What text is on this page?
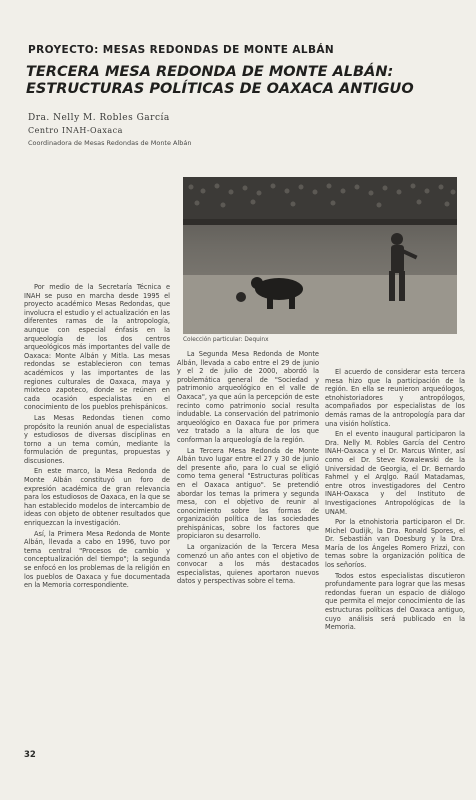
PROYECTO: MESAS REDONDAS DE MONTE ALBÁN
TERCERA MESA REDONDA DE MONTE ALBÁN: ESTRUCTURAS POLÍTICAS DE OAXACA ANTIGUO
Dra. Nelly M. Robles García
Centro INAH-Oaxaca
Coordinadora de Mesas Redondas de Monte Albán
Colección particular: Dequinx

Por medio de la Secretaría Técnica e INAH se puso en marcha desde 1995 el proyecto académico Mesas Redondas, que involucra el estudio y el actualización en las diferentes ramas de la antropología, aunque con especial énfasis en la arqueología de los dos centros arqueológicos más importantes del valle de Oaxaca: Monte Albán y Mitla. Las mesas redondas se establecieron con temas académicos y las importantes de las regiones culturales de Oaxaca, maya y mixteco zapoteco, donde se reúnen en cada ocasión especialistas en el conocimiento de los pueblos prehispánicos.

Las Mesas Redondas tienen como propósito la reunión anual de especialistas y estudiosos de diversas disciplinas en torno a un tema común, mediante la formulación de preguntas, propuestas y discusiones.

En este marco, la Mesa Redonda de Monte Albán constituyó un foro de expresión académica de gran relevancia para los estudiosos de Oaxaca, en la que se han establecido modelos de intercambio de ideas con objeto de obtener resultados que enriquezcan la investigación.

Así, la Primera Mesa Redonda de Monte Albán, llevada a cabo en 1996, tuvo por tema central "Procesos de cambio y conceptualización del tiempo"; la segunda se enfocó en los problemas de la religión en los pueblos de Oaxaca y fue documentada en la Memoria correspondiente.

La Segunda Mesa Redonda de Monte Albán, llevada a cabo entre el 29 de junio y el 2 de julio de 2000, abordó la problemática general de "Sociedad y patrimonio arqueológico en el valle de Oaxaca", ya que aún la percepción de este recinto como patrimonio social resulta indudable. La conservación del patrimonio arqueológico en Oaxaca fue por primera vez tratado a la altura de los que conforman la arqueología de la región.

La Tercera Mesa Redonda de Monte Albán tuvo lugar entre el 27 y 30 de junio del presente año, para lo cual se eligió como tema general "Estructuras políticas en el Oaxaca antiguo". Se pretendió abordar los temas la primera y segunda mesa, con el objetivo de reunir al conocimiento sobre las formas de organización política de las sociedades prehispánicas, sobre los factores que propiciaron su desarrollo.

La organización de la Tercera Mesa comenzó un año antes con el objetivo de convocar a los más destacados especialistas, quienes aportaron nuevos datos y perspectivas sobre el tema.

El acuerdo de considerar esta tercera mesa hizo que la participación de la región. En ella se reunieron arqueólogos, etnohistoriadores y antropólogos, acompañados por especialistas de los demás ramas de la antropología para dar una visión holística.

En el evento inaugural participaron la Dra. Nelly M. Robles García del Centro INAH-Oaxaca y el Dr. Marcus Winter, así como el Dr. Steve Kowalewski de la Universidad de Georgia, el Dr. Bernardo Fahmel y el Arqlgo. Raúl Matadamas, entre otros investigadores del Centro INAH-Oaxaca y del Instituto de Investigaciones Antropológicas de la UNAM.

Por la etnohistoria participaron el Dr. Michel Oudijk, la Dra. Ronald Spores, el Dr. Sebastián van Doesburg y la Dra. María de los Ángeles Romero Frizzi, con temas sobre la organización política de los señoríos.

Todos estos especialistas discutieron profundamente para lograr que las mesas redondas fueran un espacio de diálogo que permita el mejor conocimiento de las estructuras políticas del Oaxaca antiguo, cuyo análisis será publicado en la Memoria.

32
